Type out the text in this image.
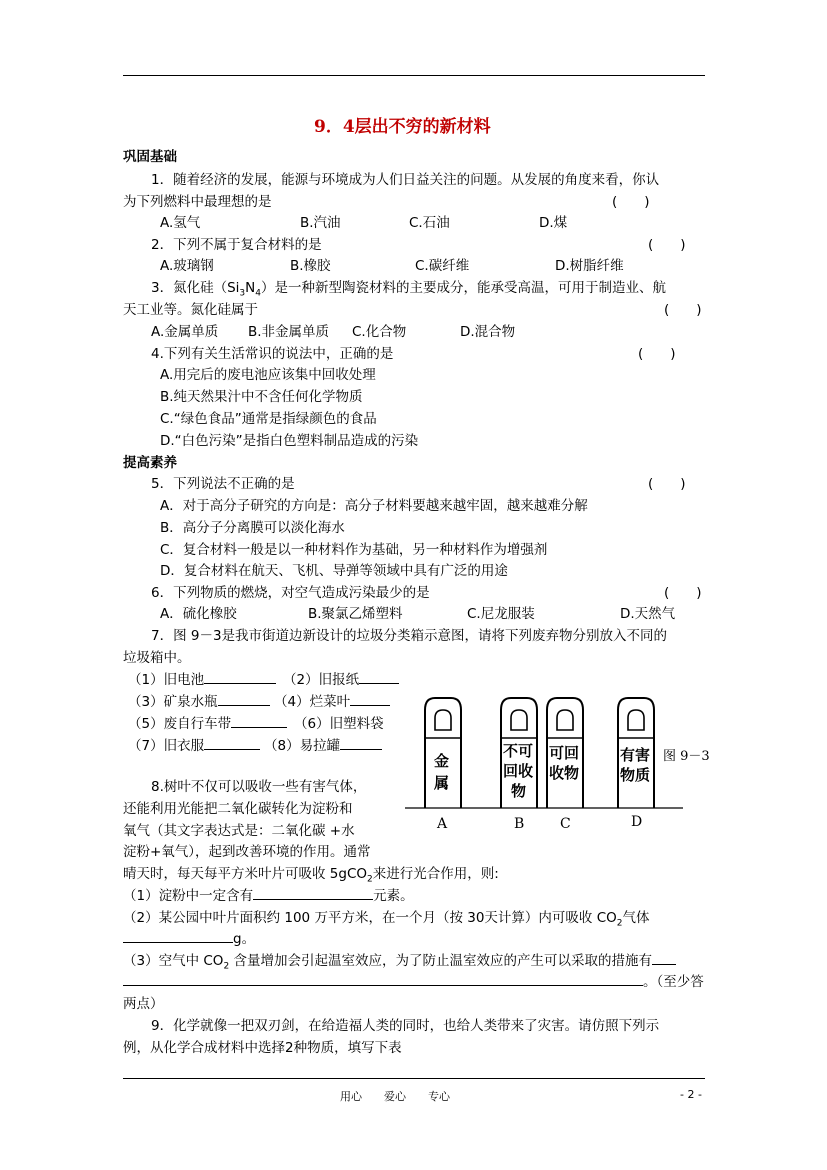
9．4层出不穷的新材料
巩固基础
1．随着经济的发展，能源与环境成为人们日益关注的问题。从发展的角度来看，你认
为下列燃料中最理想的是	(　　)
A.氢气	B.汽油	C.石油	D.煤
2．下列不属于复合材料的是	(　　)
A.玻璃钢	B.橡胶	C.碳纤维	D.树脂纤维
3．氮化硅$(Si_3N_4)$是一种新型陶瓷材料的主要成分，能承受高温，可用于制造业、航
天工业等。氮化硅属于	(　　)
A.金属单质 B.非金属单质 C.化合物	D.混合物
4.下列有关生活常识的说法中，正确的是	(　　)
A.用完后的废电池应该集中回收处理
B.纯天然果汁中不含任何化学物质
C.“绿色食品”通常是指绿颜色的食品
D.“白色污染”是指白色塑料制品造成的污染
提高素养
5．下列说法不正确的是	(　　)
A．对于高分子研究的方向是：高分子材料要越来越牢固，越来越难分解
B．高分子分离膜可以淡化海水
C．复合材料一般是以一种材料作为基础，另一种材料作为增强剂
D．复合材料在航天、飞机、导弹等领域中具有广泛的用途
6．下列物质的燃烧，对空气造成污染最少的是	(　　)
A．硫化橡胶	B.聚氯乙烯塑料	C.尼龙服装	D.天然气
7．图 9－3是我市街道边新设计的垃圾分类箱示意图，请将下列废弃物分别放入不同的
垃圾箱中。
（1）旧电池	（2）旧报纸
（3）矿泉水瓶	（4）烂菜叶
（5）废自行车带	（6）旧塑料袋
（7）旧衣服	（8）易拉罐
金
属
不可
回收
物
可回
收物
有害
物质
A	B	C	D
图 9－3
8.树叶不仅可以吸收一些有害气体，
还能利用光能把二氧化碳转化为淀粉和
氧气（其文字表达式是：二氧化碳 +水
淀粉+氧气），起到改善环境的作用。通常
晴天时，每天每平方米叶片可吸收 5gCO$_2$来进行光合作用，则:
（1）淀粉中一定含有	元素。
（2）某公园中叶片面积约 100 万平方米，在一个月（按 30天计算）内可吸收 $CO_2$气体
g。
（3）空气中 $CO_2$ 含量增加会引起温室效应，为了防止温室效应的产生可以采取的措施有
。（至少答
两点）
9．化学就像一把双刃剑，在给造福人类的同时，也给人类带来了灾害。请仿照下列示
例，从化学合成材料中选择2种物质，填写下表
用心　　爱心　　专心	- 2 -
